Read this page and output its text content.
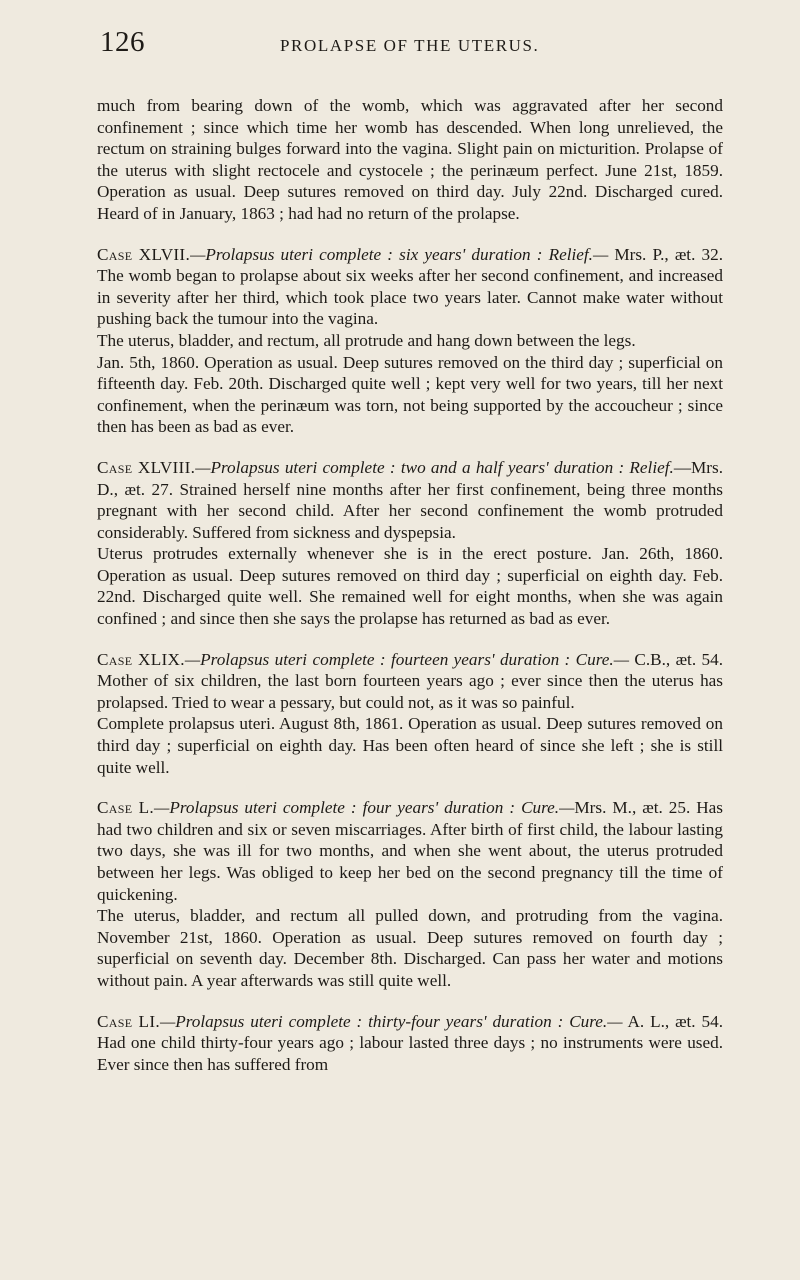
126	PROLAPSE OF THE UTERUS.

much from bearing down of the womb, which was aggravated after her second confinement ; since which time her womb has descended. When long unrelieved, the rectum on straining bulges forward into the vagina. Slight pain on micturition. Prolapse of the uterus with slight rectocele and cystocele ; the perinæum perfect. June 21st, 1859. Operation as usual. Deep sutures removed on third day. July 22nd. Discharged cured. Heard of in January, 1863 ; had had no return of the prolapse.

Case XLVII.—Prolapsus uteri complete : six years' duration : Relief.— Mrs. P., æt. 32. The womb began to prolapse about six weeks after her second confinement, and increased in severity after her third, which took place two years later. Cannot make water without pushing back the tumour into the vagina.

The uterus, bladder, and rectum, all protrude and hang down between the legs.

Jan. 5th, 1860. Operation as usual. Deep sutures removed on the third day ; superficial on fifteenth day. Feb. 20th. Discharged quite well ; kept very well for two years, till her next confinement, when the perinæum was torn, not being supported by the accoucheur ; since then has been as bad as ever.

Case XLVIII.—Prolapsus uteri complete : two and a half years' duration : Relief.—Mrs. D., æt. 27. Strained herself nine months after her first confinement, being three months pregnant with her second child. After her second confinement the womb protruded considerably. Suffered from sickness and dyspepsia.

Uterus protrudes externally whenever she is in the erect posture. Jan. 26th, 1860. Operation as usual. Deep sutures removed on third day ; superficial on eighth day. Feb. 22nd. Discharged quite well. She remained well for eight months, when she was again confined ; and since then she says the prolapse has returned as bad as ever.

Case XLIX.—Prolapsus uteri complete : fourteen years' duration : Cure.— C.B., æt. 54. Mother of six children, the last born fourteen years ago ; ever since then the uterus has prolapsed. Tried to wear a pessary, but could not, as it was so painful.

Complete prolapsus uteri. August 8th, 1861. Operation as usual. Deep sutures removed on third day ; superficial on eighth day. Has been often heard of since she left ; she is still quite well.

Case L.—Prolapsus uteri complete : four years' duration : Cure.—Mrs. M., æt. 25. Has had two children and six or seven miscarriages. After birth of first child, the labour lasting two days, she was ill for two months, and when she went about, the uterus protruded between her legs. Was obliged to keep her bed on the second pregnancy till the time of quickening.

The uterus, bladder, and rectum all pulled down, and protruding from the vagina. November 21st, 1860. Operation as usual. Deep sutures removed on fourth day ; superficial on seventh day. December 8th. Discharged. Can pass her water and motions without pain. A year afterwards was still quite well.

Case LI.—Prolapsus uteri complete : thirty-four years' duration : Cure.— A. L., æt. 54. Had one child thirty-four years ago ; labour lasted three days ; no instruments were used. Ever since then has suffered from
